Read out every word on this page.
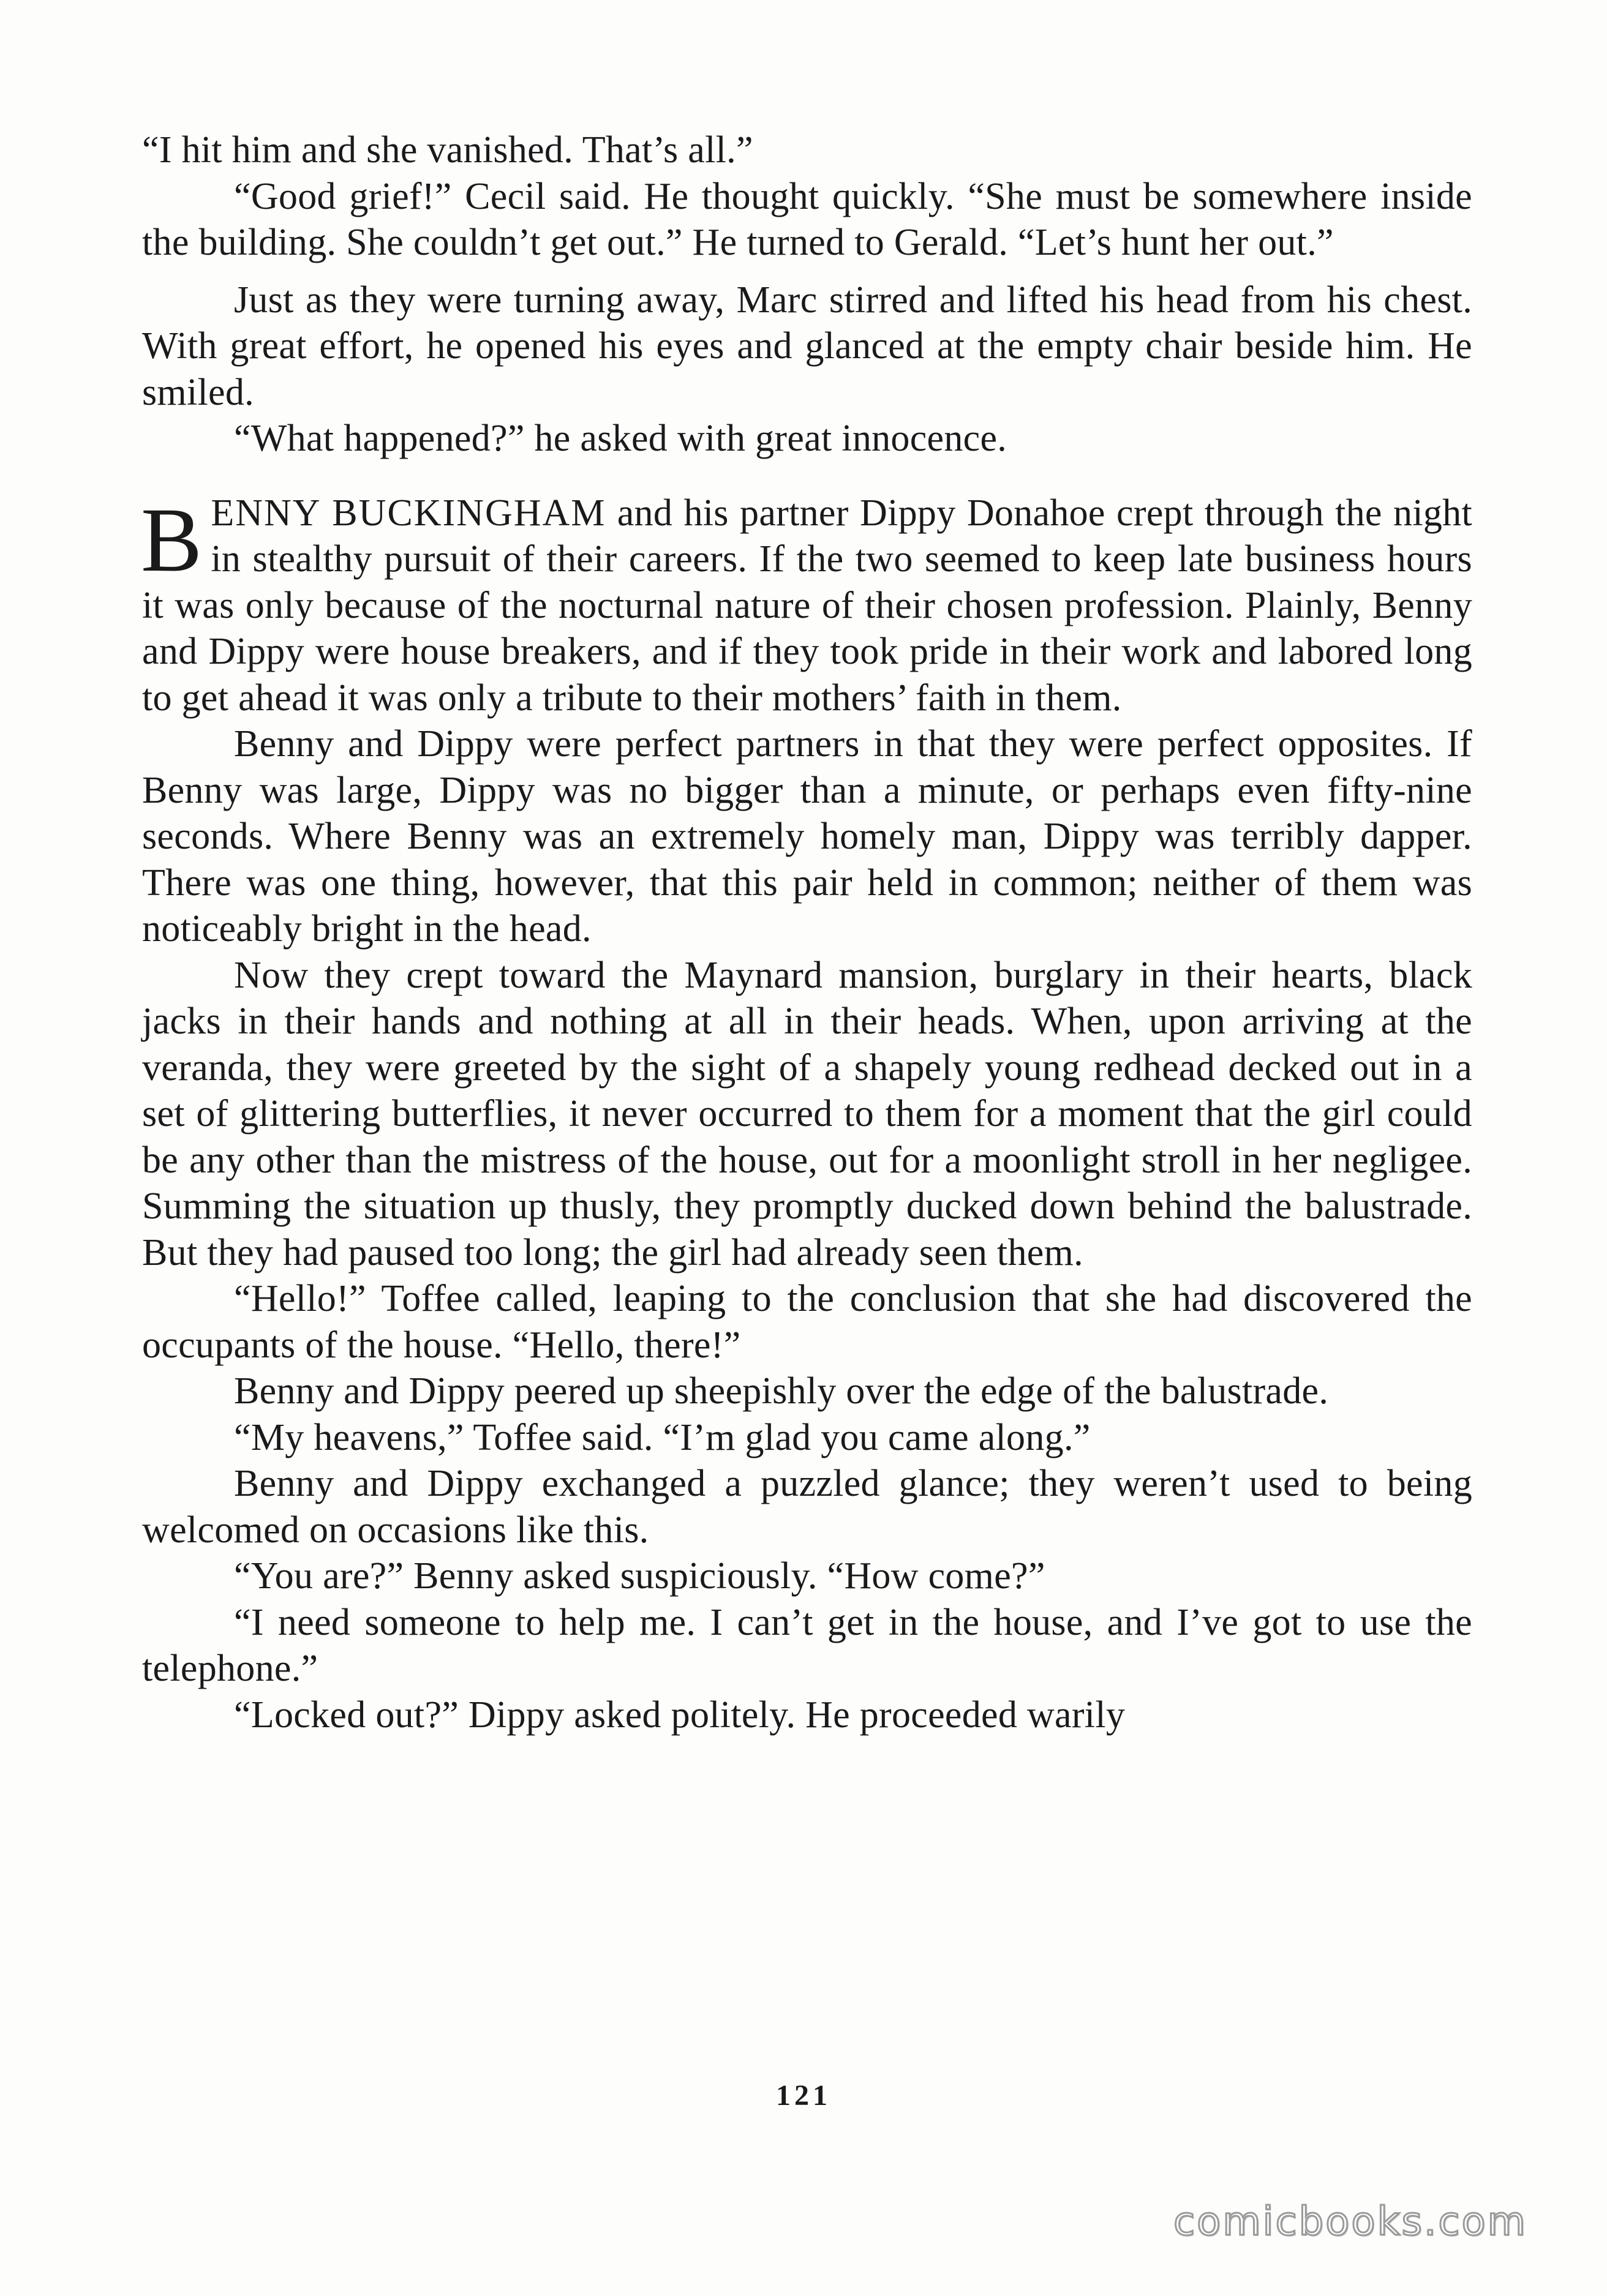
“I hit him and she vanished. That’s all.”

“Good grief!” Cecil said. He thought quickly. “She must be somewhere inside the building. She couldn’t get out.” He turned to Gerald. “Let’s hunt her out.”

Just as they were turning away, Marc stirred and lifted his head from his chest. With great effort, he opened his eyes and glanced at the empty chair beside him. He smiled.

“What happened?” he asked with great innocence.

BENNY BUCKINGHAM and his partner Dippy Donahoe crept through the night in stealthy pursuit of their careers. If the two seemed to keep late business hours it was only because of the nocturnal nature of their chosen profession. Plainly, Benny and Dippy were house breakers, and if they took pride in their work and labored long to get ahead it was only a tribute to their mothers’ faith in them.

Benny and Dippy were perfect partners in that they were perfect opposites. If Benny was large, Dippy was no bigger than a minute, or perhaps even fifty-nine seconds. Where Benny was an extremely homely man, Dippy was terribly dapper. There was one thing, however, that this pair held in common; neither of them was noticeably bright in the head.

Now they crept toward the Maynard mansion, burglary in their hearts, black jacks in their hands and nothing at all in their heads. When, upon arriving at the veranda, they were greeted by the sight of a shapely young redhead decked out in a set of glittering butterflies, it never occurred to them for a moment that the girl could be any other than the mistress of the house, out for a moonlight stroll in her negligee. Summing the situation up thusly, they promptly ducked down behind the balustrade. But they had paused too long; the girl had already seen them.

“Hello!” Toffee called, leaping to the conclusion that she had discovered the occupants of the house. “Hello, there!”

Benny and Dippy peered up sheepishly over the edge of the balustrade.

“My heavens,” Toffee said. “I’m glad you came along.”

Benny and Dippy exchanged a puzzled glance; they weren’t used to being welcomed on occasions like this.

“You are?” Benny asked suspiciously. “How come?”

“I need someone to help me. I can’t get in the house, and I’ve got to use the telephone.”

“Locked out?” Dippy asked politely. He proceeded warily

121
comicbooks.com
